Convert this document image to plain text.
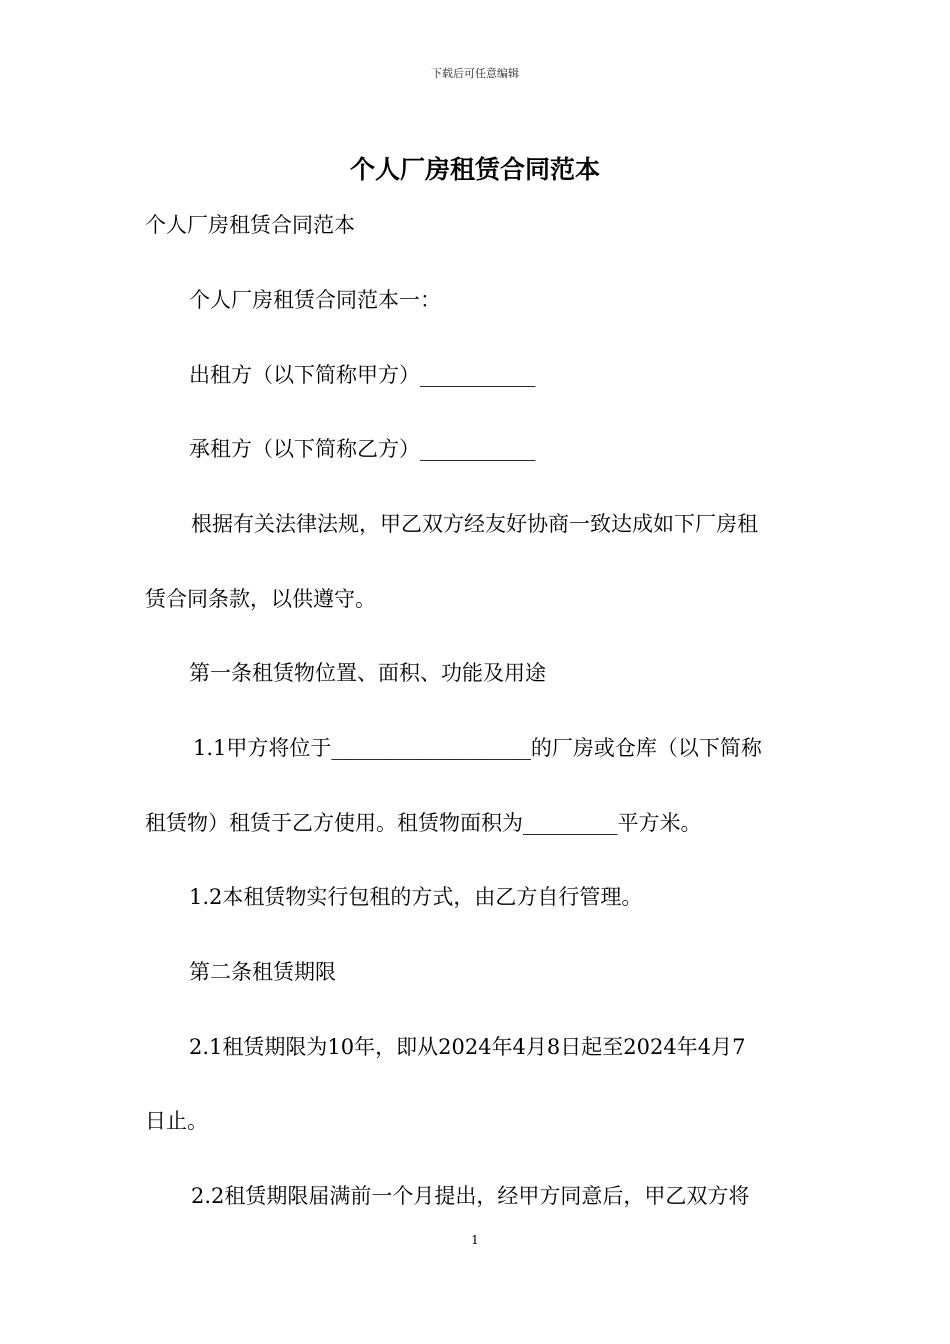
下载后可任意编辑
个人厂房租赁合同范本
个人厂房租赁合同范本
个人厂房租赁合同范本一：
出租方（以下简称甲方）___________
承租方（以下简称乙方）___________
根据有关法律法规，甲乙双方经友好协商一致达成如下厂房租
赁合同条款，以供遵守。
第一条租赁物位置、面积、功能及用途
1.1甲方将位于___________________的厂房或仓库（以下简称
租赁物）租赁于乙方使用。租赁物面积为_________平方米。
1.2本租赁物实行包租的方式，由乙方自行管理。
第二条租赁期限
2.1租赁期限为10年，即从2024年4月8日起至2024年4月7
日止。
2.2租赁期限届满前一个月提出，经甲方同意后，甲乙双方将
1
